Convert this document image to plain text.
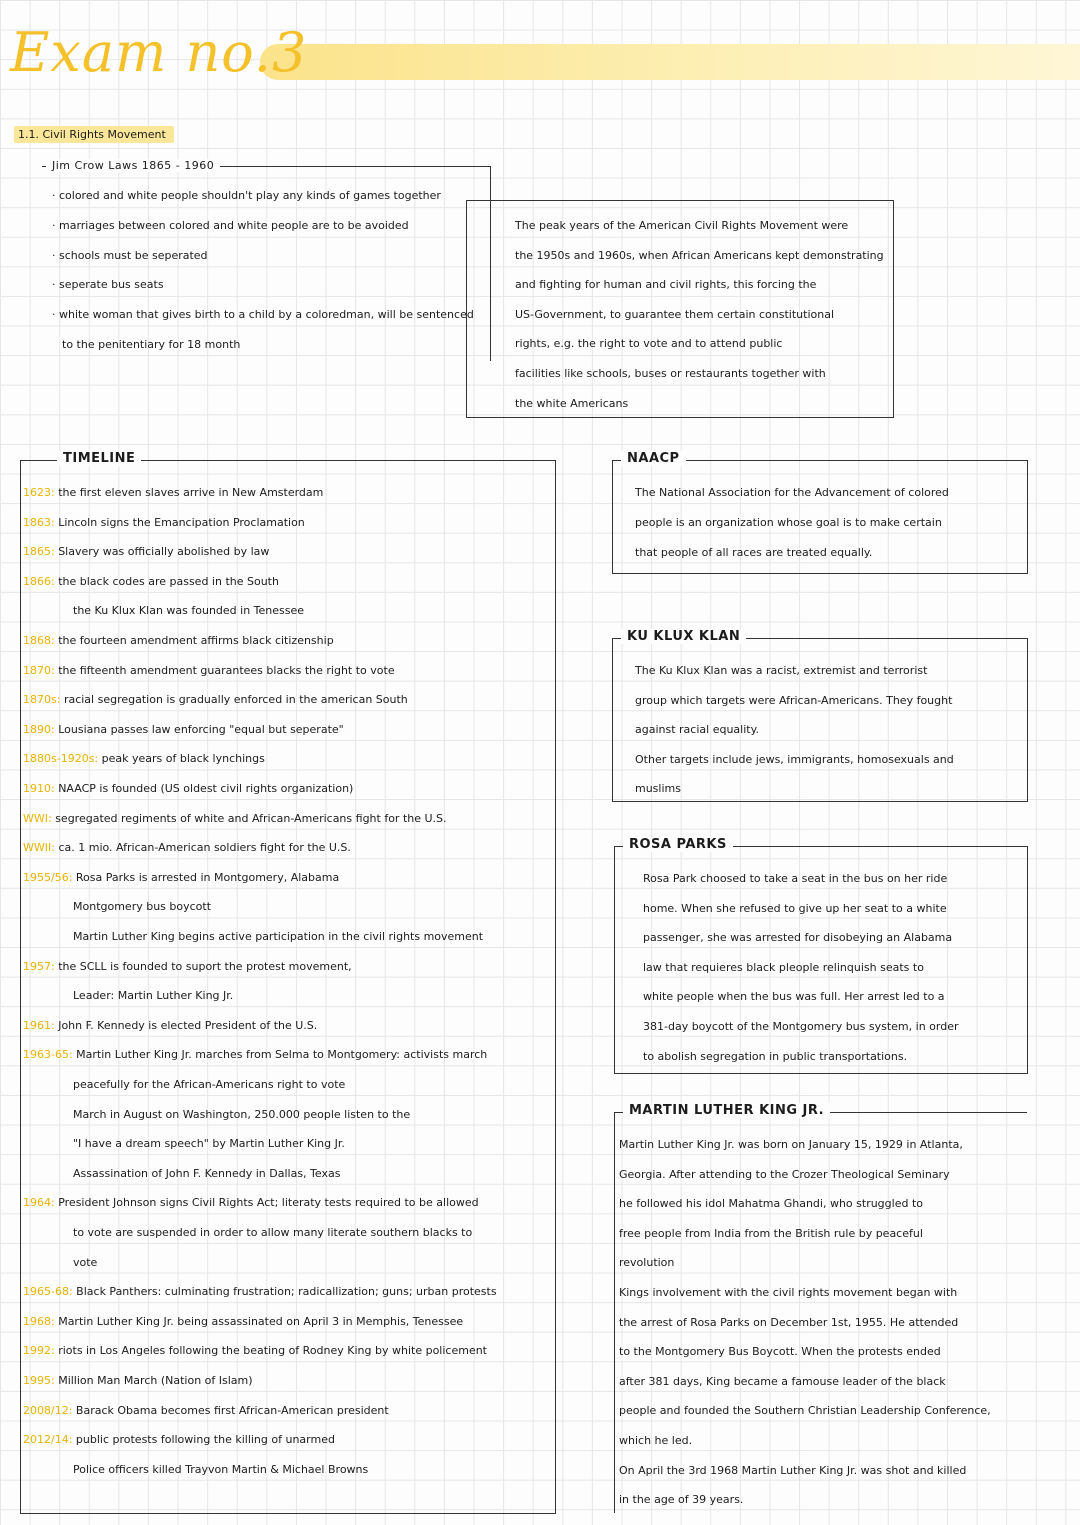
Exam no.3
1.1. Civil Rights Movement
Jim Crow Laws 1865 - 1960
· colored and white people shouldn't play any kinds of games together
· marriages between colored and white people are to be avoided
· schools must be seperated
· seperate bus seats
· white woman that gives birth to a child by a coloredman, will be sentenced
to the penitentiary for 18 month
The peak years of the American Civil Rights Movement were
the 1950s and 1960s, when African Americans kept demonstrating
and fighting for human and civil rights, this forcing the
US-Government, to guarantee them certain constitutional
rights, e.g. the right to vote and to attend public
facilities like schools, buses or restaurants together with
the white Americans
TIMELINE
1623: the first eleven slaves arrive in New Amsterdam
1863: Lincoln signs the Emancipation Proclamation
1865: Slavery was officially abolished by law
1866: the black codes are passed in the South
the Ku Klux Klan was founded in Tenessee
1868: the fourteen amendment affirms black citizenship
1870: the fifteenth amendment guarantees blacks the right to vote
1870s: racial segregation is gradually enforced in the american South
1890: Lousiana passes law enforcing "equal but seperate"
1880s-1920s: peak years of black lynchings
1910: NAACP is founded (US oldest civil rights organization)
WWI: segregated regiments of white and African-Americans fight for the U.S.
WWII: ca. 1 mio. African-American soldiers fight for the U.S.
1955/56: Rosa Parks is arrested in Montgomery, Alabama
Montgomery bus boycott
Martin Luther King begins active participation in the civil rights movement
1957: the SCLL is founded to suport the protest movement,
Leader: Martin Luther King Jr.
1961: John F. Kennedy is elected President of the U.S.
1963-65: Martin Luther King Jr. marches from Selma to Montgomery: activists march
peacefully for the African-Americans right to vote
March in August on Washington, 250.000 people listen to the
"I have a dream speech" by Martin Luther King Jr.
Assassination of John F. Kennedy in Dallas, Texas
1964: President Johnson signs Civil Rights Act; literaty tests required to be allowed
to vote are suspended in order to allow many literate southern blacks to
vote
1965-68: Black Panthers: culminating frustration; radicallization; guns; urban protests
1968: Martin Luther King Jr. being assassinated on April 3 in Memphis, Tenessee
1992: riots in Los Angeles following the beating of Rodney King by white policement
1995: Million Man March (Nation of Islam)
2008/12: Barack Obama becomes first African-American president
2012/14: public protests following the killing of unarmed
Police officers killed Trayvon Martin & Michael Browns
NAACP
The National Association for the Advancement of colored
people is an organization whose goal is to make certain
that people of all races are treated equally.
KU KLUX KLAN
The Ku Klux Klan was a racist, extremist and terrorist
group which targets were African-Americans. They fought
against racial equality.
Other targets include jews, immigrants, homosexuals and
muslims
ROSA PARKS
Rosa Park choosed to take a seat in the bus on her ride
home. When she refused to give up her seat to a white
passenger, she was arrested for disobeying an Alabama
law that requieres black pleople relinquish seats to
white people when the bus was full. Her arrest led to a
381-day boycott of the Montgomery bus system, in order
to abolish segregation in public transportations.
MARTIN LUTHER KING JR.
Martin Luther King Jr. was born on January 15, 1929 in Atlanta,
Georgia. After attending to the Crozer Theological Seminary
he followed his idol Mahatma Ghandi, who struggled to
free people from India from the British rule by peaceful
revolution
Kings involvement with the civil rights movement began with
the arrest of Rosa Parks on December 1st, 1955. He attended
to the Montgomery Bus Boycott. When the protests ended
after 381 days, King became a famouse leader of the black
people and founded the Southern Christian Leadership Conference,
which he led.
On April the 3rd 1968 Martin Luther King Jr. was shot and killed
in the age of 39 years.
